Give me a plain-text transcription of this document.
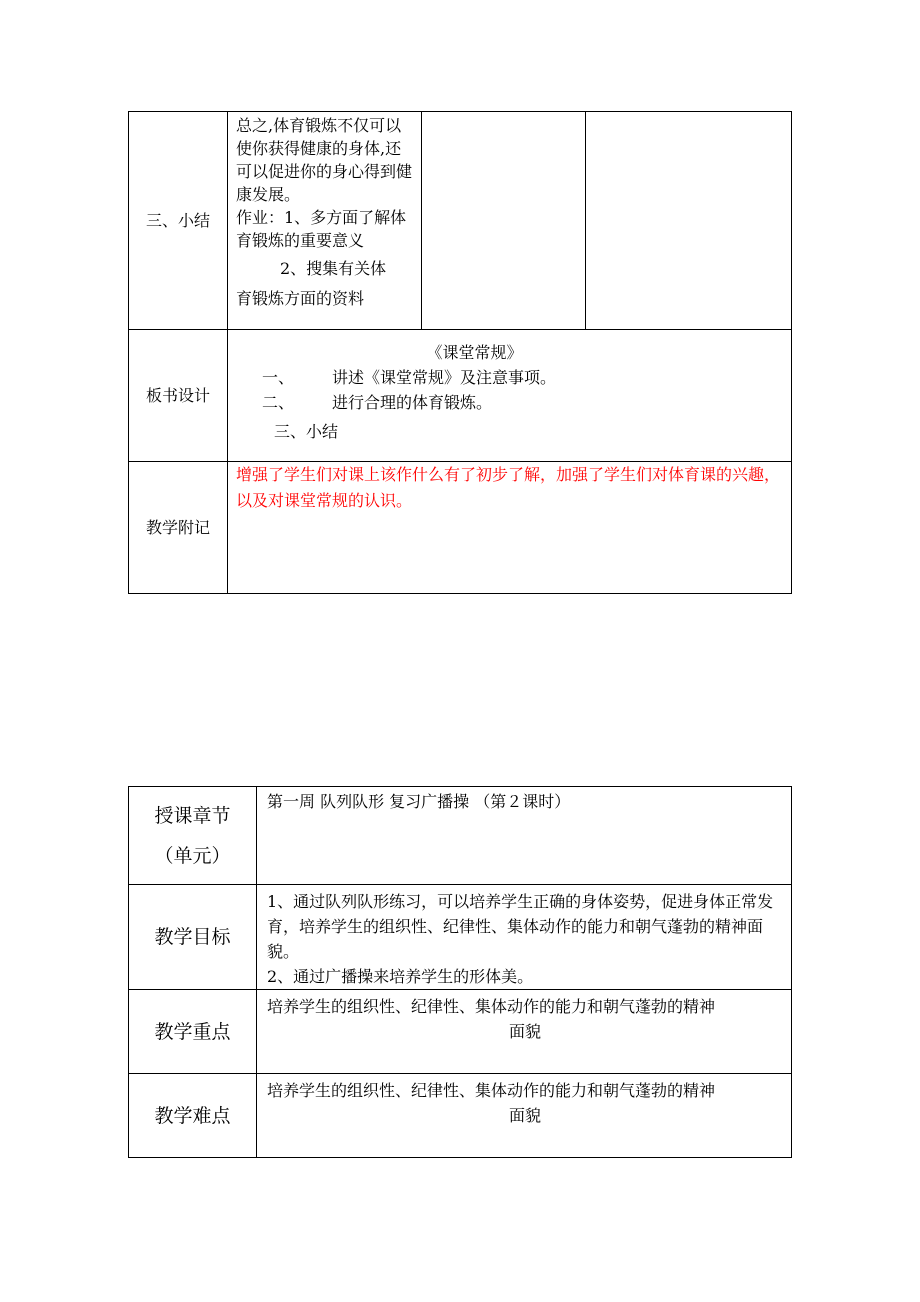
三、小结	总之,体育锻炼不仅可以使你获得健康的身体,还可以促进你的身心得到健康发展。
作业：1、多方面了解体育锻炼的重要意义
2、搜集有关体
育锻炼方面的资料		

板书设计	《课堂常规》
一、 讲述《课堂常规》及注意事项。
二、 进行合理的体育锻炼。
三、小结		

教学附记	增强了学生们对课上该作什么有了初步了解，加强了学生们对体育课的兴趣，以及对课堂常规的认识。		
授课章节
（单元）	第一周 队列队形 复习广播操 （第２课时）

教学目标	1、通过队列队形练习，可以培养学生正确的身体姿势，促进身体正常发育，培养学生的组织性、纪律性、集体动作的能力和朝气蓬勃的精神面貌。
2、通过广播操来培养学生的形体美。

教学重点	培养学生的组织性、纪律性、集体动作的能力和朝气蓬勃的精神
面貌

教学难点	培养学生的组织性、纪律性、集体动作的能力和朝气蓬勃的精神
面貌
